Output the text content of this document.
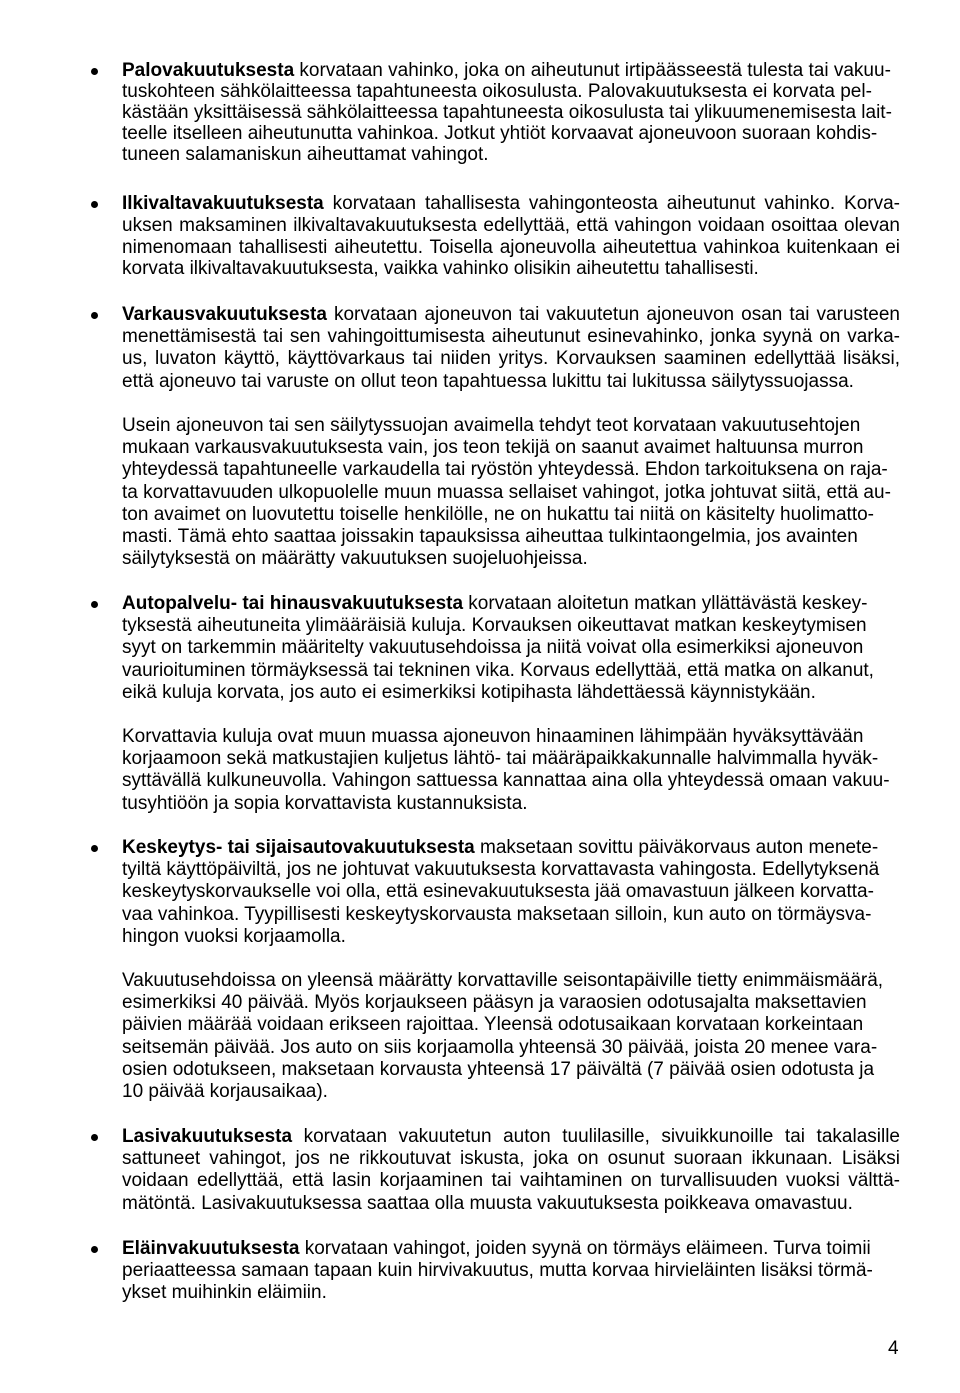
Palovakuutuksesta korvataan vahinko, joka on aiheutunut irtipäässeestä tulesta tai vakuu-
tuskohteen sähkölaitteessa tapahtuneesta oikosulusta. Palovakuutuksesta ei korvata pel-
kästään yksittäisessä sähkölaitteessa tapahtuneesta oikosulusta tai ylikuumenemisesta lait-
teelle itselleen aiheutunutta vahinkoa. Jotkut yhtiöt korvaavat ajoneuvoon suoraan kohdis-
tuneen salamaniskun aiheuttamat vahingot.
Ilkivaltavakuutuksesta korvataan tahallisesta vahingonteosta aiheutunut vahinko. Korva-
uksen maksaminen ilkivaltavakuutuksesta edellyttää, että vahingon voidaan osoittaa olevan
nimenomaan tahallisesti aiheutettu. Toisella ajoneuvolla aiheutettua vahinkoa kuitenkaan ei
korvata ilkivaltavakuutuksesta, vaikka vahinko olisikin aiheutettu tahallisesti.
Varkausvakuutuksesta korvataan ajoneuvon tai vakuutetun ajoneuvon osan tai varusteen
menettämisestä tai sen vahingoittumisesta aiheutunut esinevahinko, jonka syynä on varka-
us, luvaton käyttö, käyttövarkaus tai niiden yritys. Korvauksen saaminen edellyttää lisäksi,
että ajoneuvo tai varuste on ollut teon tapahtuessa lukittu tai lukitussa säilytyssuojassa.
Usein ajoneuvon tai sen säilytyssuojan avaimella tehdyt teot korvataan vakuutusehtojen
mukaan varkausvakuutuksesta vain, jos teon tekijä on saanut avaimet haltuunsa murron
yhteydessä tapahtuneelle varkaudella tai ryöstön yhteydessä. Ehdon tarkoituksena on raja-
ta korvattavuuden ulkopuolelle muun muassa sellaiset vahingot, jotka johtuvat siitä, että au-
ton avaimet on luovutettu toiselle henkilölle, ne on hukattu tai niitä on käsitelty huolimatto-
masti. Tämä ehto saattaa joissakin tapauksissa aiheuttaa tulkintaongelmia, jos avainten
säilytyksestä on määrätty vakuutuksen suojeluohjeissa.
Autopalvelu- tai hinausvakuutuksesta korvataan aloitetun matkan yllättävästä keskey-
tyksestä aiheutuneita ylimääräisiä kuluja. Korvauksen oikeuttavat matkan keskeytymisen
syyt on tarkemmin määritelty vakuutusehdoissa ja niitä voivat olla esimerkiksi ajoneuvon
vaurioituminen törmäyksessä tai tekninen vika. Korvaus edellyttää, että matka on alkanut,
eikä kuluja korvata, jos auto ei esimerkiksi kotipihasta lähdettäessä käynnistykään.
Korvattavia kuluja ovat muun muassa ajoneuvon hinaaminen lähimpään hyväksyttävään
korjaamoon sekä matkustajien kuljetus lähtö- tai määräpaikkakunnalle halvimmalla hyväk-
syttävällä kulkuneuvolla. Vahingon sattuessa kannattaa aina olla yhteydessä omaan vakuu-
tusyhtiöön ja sopia korvattavista kustannuksista.
Keskeytys- tai sijaisautovakuutuksesta maksetaan sovittu päiväkorvaus auton menete-
tyiltä käyttöpäiviltä, jos ne johtuvat vakuutuksesta korvattavasta vahingosta. Edellytyksenä
keskeytyskorvaukselle voi olla, että esinevakuutuksesta jää omavastuun jälkeen korvatta-
vaa vahinkoa. Tyypillisesti keskeytyskorvausta maksetaan silloin, kun auto on törmäysva-
hingon vuoksi korjaamolla.
Vakuutusehdoissa on yleensä määrätty korvattaville seisontapäiville tietty enimmäismäärä,
esimerkiksi 40 päivää. Myös korjaukseen pääsyn ja varaosien odotusajalta maksettavien
päivien määrää voidaan erikseen rajoittaa. Yleensä odotusaikaan korvataan korkeintaan
seitsemän päivää. Jos auto on siis korjaamolla yhteensä 30 päivää, joista 20 menee vara-
osien odotukseen, maksetaan korvausta yhteensä 17 päivältä (7 päivää osien odotusta ja
10 päivää korjausaikaa).
Lasivakuutuksesta korvataan vakuutetun auton tuulilasille, sivuikkunoille tai takalasille
sattuneet vahingot, jos ne rikkoutuvat iskusta, joka on osunut suoraan ikkunaan. Lisäksi
voidaan edellyttää, että lasin korjaaminen tai vaihtaminen on turvallisuuden vuoksi välttä-
mätöntä. Lasivakuutuksessa saattaa olla muusta vakuutuksesta poikkeava omavastuu.
Eläinvakuutuksesta korvataan vahingot, joiden syynä on törmäys eläimeen. Turva toimii
periaatteessa samaan tapaan kuin hirvivakuutus, mutta korvaa hirvieläinten lisäksi törmä-
ykset muihinkin eläimiin.
4
